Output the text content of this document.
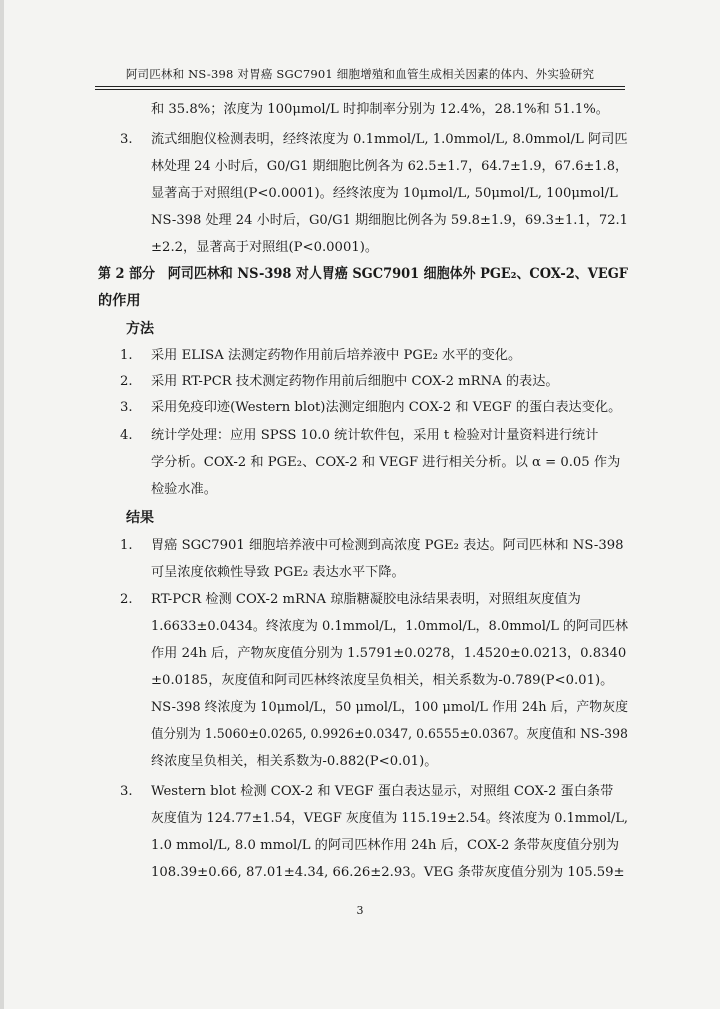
阿司匹林和 NS-398 对胃癌 SGC7901 细胞增殖和血管生成相关因素的体内、外实验研究
和 35.8%；浓度为 100μmol/L 时抑制率分别为 12.4%，28.1%和 51.1%。
3. 流式细胞仪检测表明，经终浓度为 0.1mmol/L, 1.0mmol/L, 8.0mmol/L 阿司匹
林处理 24 小时后，G0/G1 期细胞比例各为 62.5±1.7，64.7±1.9，67.6±1.8，
显著高于对照组(P<0.0001)。经终浓度为 10μmol/L, 50μmol/L, 100μmol/L
NS-398 处理 24 小时后，G0/G1 期细胞比例各为 59.8±1.9，69.3±1.1，72.1
±2.2，显著高于对照组(P<0.0001)。
第 2 部分　阿司匹林和 NS-398 对人胃癌 SGC7901 细胞体外 PGE₂、COX-2、VEGF
的作用
方法
1. 采用 ELISA 法测定药物作用前后培养液中 PGE₂ 水平的变化。
2. 采用 RT-PCR 技术测定药物作用前后细胞中 COX-2 mRNA 的表达。
3. 采用免疫印迹(Western blot)法测定细胞内 COX-2 和 VEGF 的蛋白表达变化。
4. 统计学处理：应用 SPSS 10.0 统计软件包，采用 t 检验对计量资料进行统计
学分析。COX-2 和 PGE₂、COX-2 和 VEGF 进行相关分析。以 α = 0.05 作为
检验水准。
结果
1. 胃癌 SGC7901 细胞培养液中可检测到高浓度 PGE₂ 表达。阿司匹林和 NS-398
可呈浓度依赖性导致 PGE₂ 表达水平下降。
2. RT-PCR 检测 COX-2 mRNA 琼脂糖凝胶电泳结果表明，对照组灰度值为
1.6633±0.0434。终浓度为 0.1mmol/L，1.0mmol/L，8.0mmol/L 的阿司匹林
作用 24h 后，产物灰度值分别为 1.5791±0.0278，1.4520±0.0213，0.8340
±0.0185，灰度值和阿司匹林终浓度呈负相关，相关系数为-0.789(P<0.01)。
NS-398 终浓度为 10μmol/L，50 μmol/L，100 μmol/L 作用 24h 后，产物灰度
值分别为 1.5060±0.0265, 0.9926±0.0347, 0.6555±0.0367。灰度值和 NS-398
终浓度呈负相关，相关系数为-0.882(P<0.01)。
3. Western blot 检测 COX-2 和 VEGF 蛋白表达显示，对照组 COX-2 蛋白条带
灰度值为 124.77±1.54，VEGF 灰度值为 115.19±2.54。终浓度为 0.1mmol/L,
1.0 mmol/L, 8.0 mmol/L 的阿司匹林作用 24h 后，COX-2 条带灰度值分别为
108.39±0.66, 87.01±4.34, 66.26±2.93。VEG 条带灰度值分别为 105.59±
3
